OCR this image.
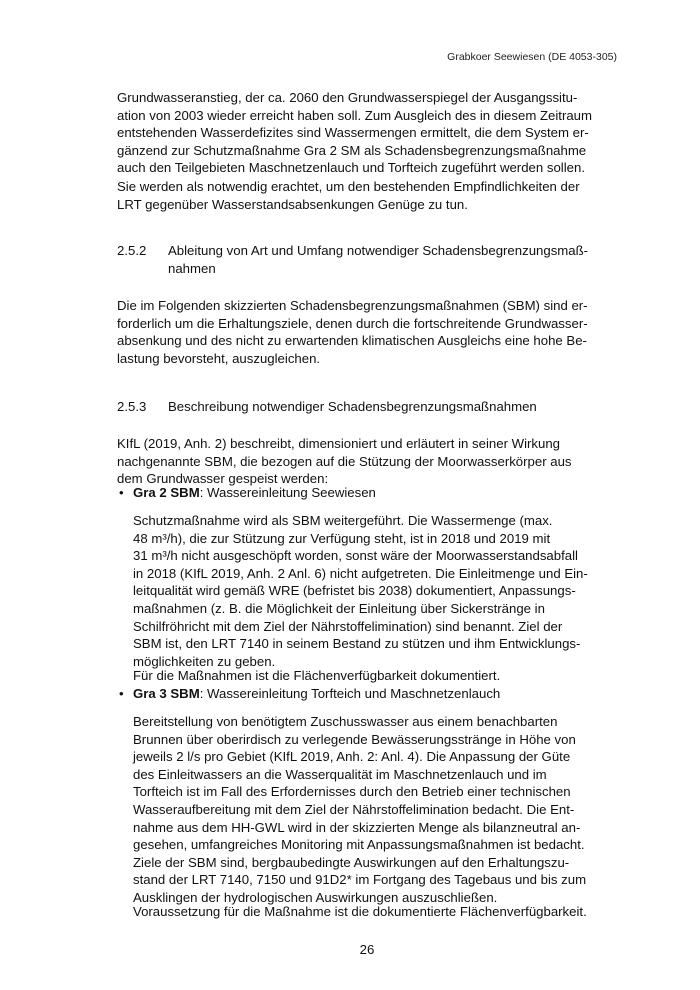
Grabkoer Seewiesen (DE 4053-305)

Grundwasseranstieg, der ca. 2060 den Grundwasserspiegel der Ausgangssitu-

ation von 2003 wieder erreicht haben soll. Zum Ausgleich des in diesem Zeitraum

entstehenden Wasserdefizites sind Wassermengen ermittelt, die dem System er-

gänzend zur Schutzmaßnahme Gra 2 SM als Schadensbegrenzungsmaßnahme

auch den Teilgebieten Maschnetzenlauch und Torfteich zugeführt werden sollen.

Sie werden als notwendig erachtet, um den bestehenden Empfindlichkeiten der

LRT gegenüber Wasserstandsabsenkungen Genüge zu tun.

2.5.2	Ableitung von Art und Umfang notwendiger Schadensbegrenzungsmaß-
nahmen

Die im Folgenden skizzierten Schadensbegrenzungsmaßnahmen (SBM) sind er-

forderlich um die Erhaltungsziele, denen durch die fortschreitende Grundwasser-

absenkung und des nicht zu erwartenden klimatischen Ausgleichs eine hohe Be-

lastung bevorsteht, auszugleichen.

2.5.3	Beschreibung notwendiger Schadensbegrenzungsmaßnahmen

KIfL (2019, Anh. 2) beschreibt, dimensioniert und erläutert in seiner Wirkung

nachgenannte SBM, die bezogen auf die Stützung der Moorwasserkörper aus

dem Grundwasser gespeist werden:

• Gra 2 SBM: Wassereinleitung Seewiesen

Schutzmaßnahme wird als SBM weitergeführt. Die Wassermenge (max.

48 m³/h), die zur Stützung zur Verfügung steht, ist in 2018 und 2019 mit

31 m³/h nicht ausgeschöpft worden, sonst wäre der Moorwasserstandsabfall

in 2018 (KIfL 2019, Anh. 2 Anl. 6) nicht aufgetreten. Die Einleitmenge und Ein-

leitqualität wird gemäß WRE (befristet bis 2038) dokumentiert, Anpassungs-

maßnahmen (z. B. die Möglichkeit der Einleitung über Sickerstränge in

Schilfröhricht mit dem Ziel der Nährstoffelimination) sind benannt. Ziel der

SBM ist, den LRT 7140 in seinem Bestand zu stützen und ihm Entwicklungs-

möglichkeiten zu geben.

Für die Maßnahmen ist die Flächenverfügbarkeit dokumentiert.

• Gra 3 SBM: Wassereinleitung Torfteich und Maschnetzenlauch

Bereitstellung von benötigtem Zuschusswasser aus einem benachbarten

Brunnen über oberirdisch zu verlegende Bewässerungsstränge in Höhe von

jeweils 2 l/s pro Gebiet (KIfL 2019, Anh. 2: Anl. 4). Die Anpassung der Güte

des Einleitwassers an die Wasserqualität im Maschnetzenlauch und im

Torfteich ist im Fall des Erfordernisses durch den Betrieb einer technischen

Wasseraufbereitung mit dem Ziel der Nährstoffelimination bedacht. Die Ent-

nahme aus dem HH-GWL wird in der skizzierten Menge als bilanzneutral an-

gesehen, umfangreiches Monitoring mit Anpassungsmaßnahmen ist bedacht.

Ziele der SBM sind, bergbaubedingte Auswirkungen auf den Erhaltungszu-

stand der LRT 7140, 7150 und 91D2* im Fortgang des Tagebaus und bis zum

Ausklingen der hydrologischen Auswirkungen auszuschließen.

Voraussetzung für die Maßnahme ist die dokumentierte Flächenverfügbarkeit.

26
